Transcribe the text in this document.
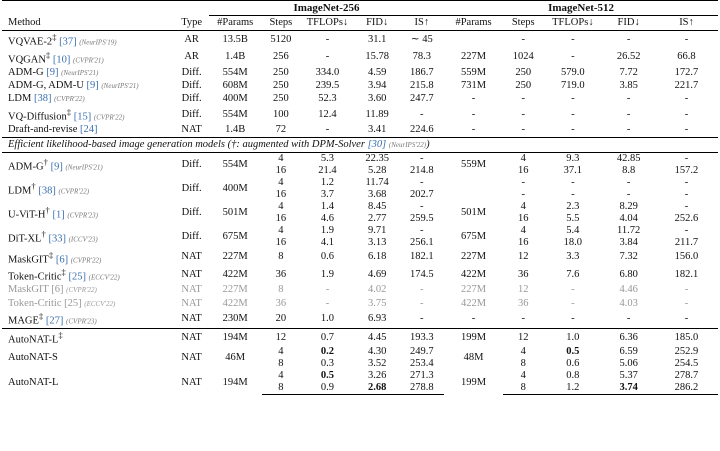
		ImageNet-256					ImageNet-512				
Method	Type	#Params	Steps	TFLOPs↓	FID↓	IS↑	#Params	Steps	TFLOPs↓	FID↓	IS↑
VQVAE-2‡ [37] (NeurIPS'19)	AR	13.5B	5120	-	31.1	∼ 45		-	-	-	-
VQGAN‡ [10] (CVPR'21)	AR	1.4B	256	-	15.78	78.3	227M	1024	-	26.52	66.8
ADM-G [9] (NeurIPS'21)	Diff.	554M	250	334.0	4.59	186.7	559M	250	579.0	7.72	172.7
ADM-G, ADM-U [9] (NeurIPS'21)	Diff.	608M	250	239.5	3.94	215.8	731M	250	719.0	3.85	221.7
LDM [38] (CVPR'22)	Diff.	400M	250	52.3	3.60	247.7	-	-	-	-	-
VQ-Diffusion‡ [15] (CVPR'22)	Diff.	554M	100	12.4	11.89	-	-	-	-	-	-
Draft-and-revise [24]	NAT	1.4B	72	-	3.41	224.6	-	-	-	-	-
Efficient likelihood-based image generation models (†: augmented with DPM-Solver [30] (NeurIPS'22))											
ADM-G† [9] (NeurIPS'21)	Diff.	554M	4	5.3	22.35	-	559M	4	9.3	42.85	-
			16	21.4	5.28	214.8		16	37.1	8.8	157.2
LDM† [38] (CVPR'22)	Diff.	400M	4	1.2	11.74	-		-	-	-	-
			16	3.7	3.68	202.7		-	-	-	-
U-ViT-H† [1] (CVPR'23)	Diff.	501M	4	1.4	8.45	-	501M	4	2.3	8.29	-
			16	4.6	2.77	259.5		16	5.5	4.04	252.6
DiT-XL† [33] (ICCV'23)	Diff.	675M	4	1.9	9.71	-	675M	4	5.4	11.72	-
			16	4.1	3.13	256.1		16	18.0	3.84	211.7
MaskGIT‡ [6] (CVPR'22)	NAT	227M	8	0.6	6.18	182.1	227M	12	3.3	7.32	156.0
Token-Critic‡ [25] (ECCV'22)	NAT	422M	36	1.9	4.69	174.5	422M	36	7.6	6.80	182.1
MaskGIT [6] (CVPR'22)	NAT	227M	8	-	4.02	-	227M	12	-	4.46	-
Token-Critic [25] (ECCV'22)	NAT	422M	36	-	3.75	-	422M	36	-	4.03	-
MAGE‡ [27] (CVPR'23)	NAT	230M	20	1.0	6.93	-	-	-	-	-	-
AutoNAT-L‡	NAT	194M	12	0.7	4.45	193.3	199M	12	1.0	6.36	185.0
AutoNAT-S	NAT	46M	4	0.2	4.30	249.7	48M	4	0.5	6.59	252.9
			8	0.3	3.52	253.4		8	0.6	5.06	254.5
AutoNAT-L	NAT	194M	4	0.5	3.26	271.3	199M	4	0.8	5.37	278.7
			8	0.9	2.68	278.8		8	1.2	3.74	286.2
